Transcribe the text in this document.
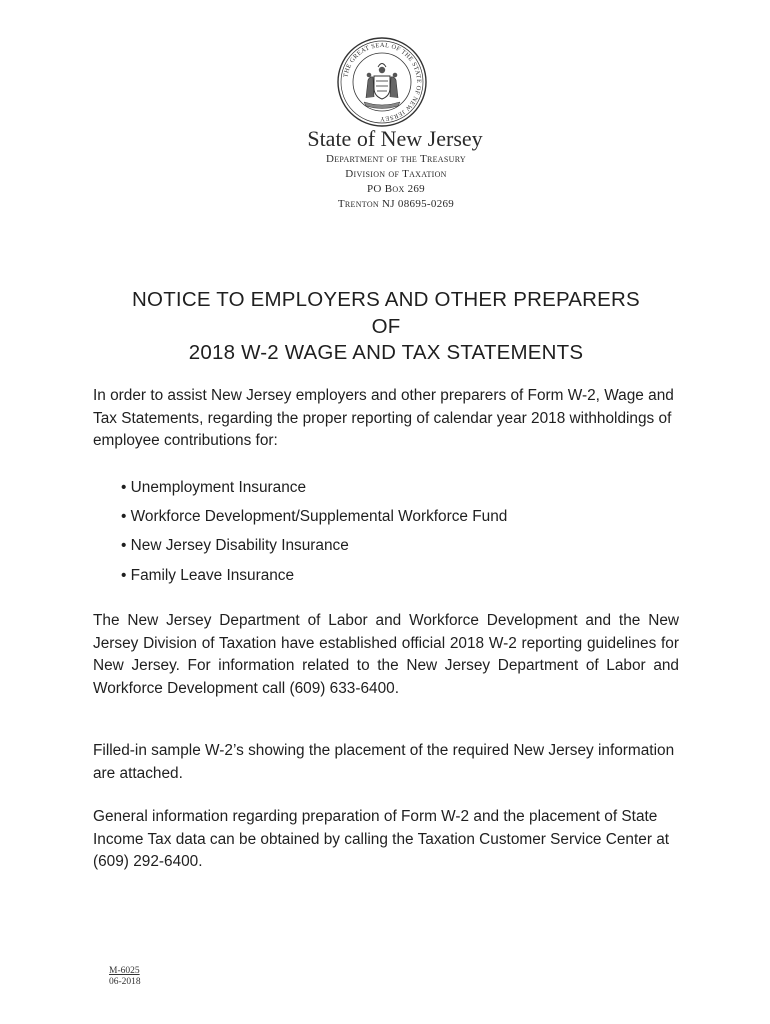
THE GREAT SEAL OF THE STATE OF NEW JERSEY
State of New Jersey
Department of the Treasury
Division of Taxation
PO Box 269
Trenton NJ 08695-0269
NOTICE TO EMPLOYERS AND OTHER PREPARERS
OF
2018 W-2 WAGE AND TAX STATEMENTS
In order to assist New Jersey employers and other preparers of Form W-2, Wage and Tax Statements, regarding the proper reporting of calendar year 2018 withholdings of employee contributions for:
• Unemployment Insurance
• Workforce Development/Supplemental Workforce Fund
• New Jersey Disability Insurance
• Family Leave Insurance
The New Jersey Department of Labor and Workforce Development and the New Jersey Division of Taxation have established official 2018 W-2 reporting guidelines for New Jersey. For information related to the New Jersey Department of Labor and Workforce Development call (609) 633-6400.
Filled-in sample W-2’s showing the placement of the required New Jersey information are attached.
General information regarding preparation of Form W-2 and the placement of State Income Tax data can be obtained by calling the Taxation Customer Service Center at (609) 292-6400.
M-6025
06-2018
